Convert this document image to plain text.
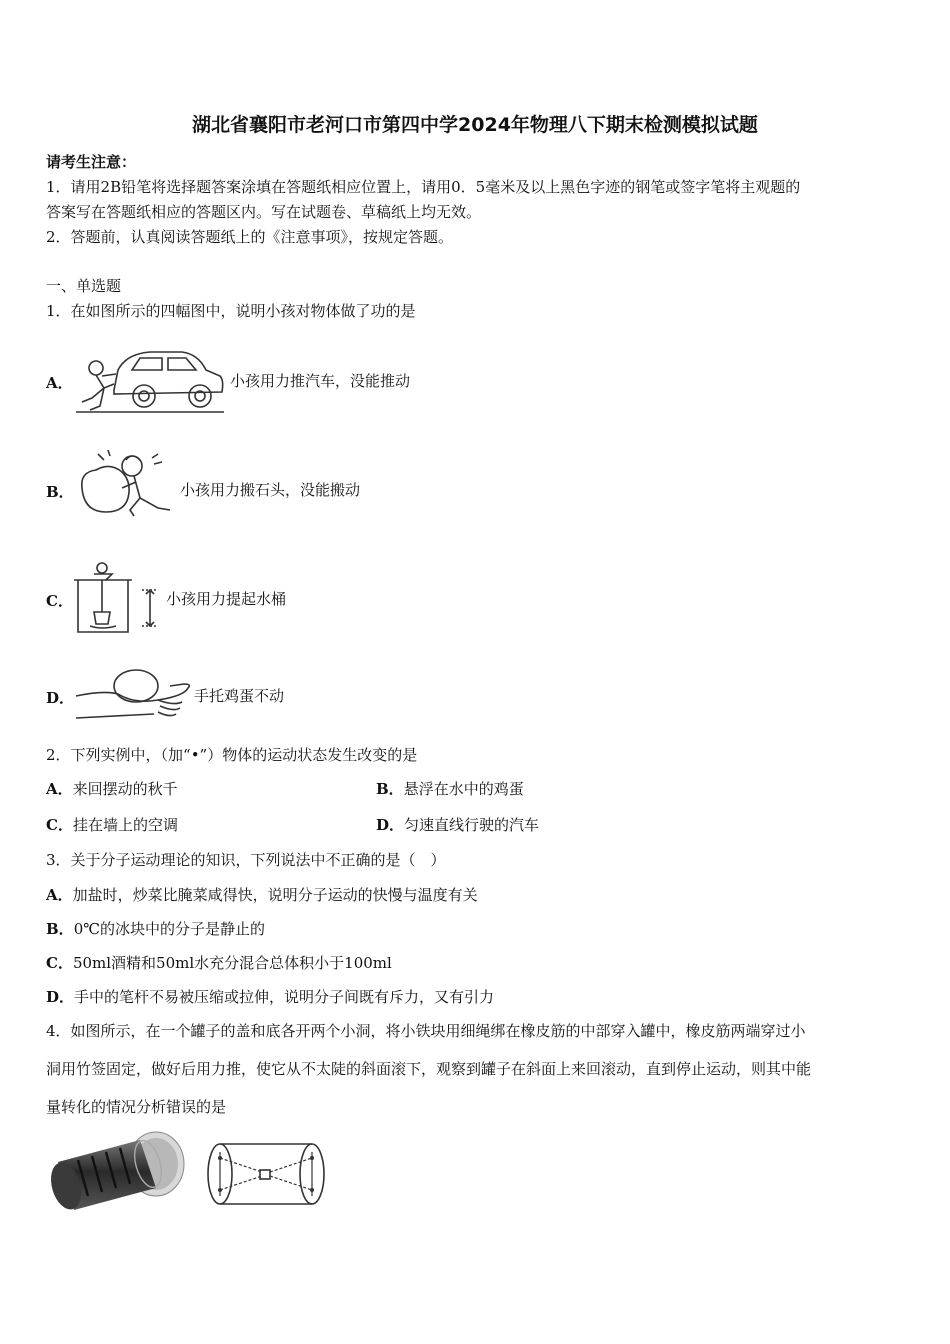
湖北省襄阳市老河口市第四中学2024年物理八下期末检测模拟试题
请考生注意：
1．请用2B铅笔将选择题答案涂填在答题纸相应位置上，请用0．5毫米及以上黑色字迹的钢笔或签字笔将主观题的
答案写在答题纸相应的答题区内。写在试题卷、草稿纸上均无效。
2．答题前，认真阅读答题纸上的《注意事项》，按规定答题。
一、单选题
1．在如图所示的四幅图中，说明小孩对物体做了功的是
A．	小孩用力推汽车，没能推动
B．	小孩用力搬石头，没能搬动
C．	小孩用力提起水桶
D．	手托鸡蛋不动
2．下列实例中，（加“•”）物体的运动状态发生改变的是
A．来回摆动的秋千	B．悬浮在水中的鸡蛋
C．挂在墙上的空调	D．匀速直线行驶的汽车
3．关于分子运动理论的知识，下列说法中不正确的是（　）
A．加盐时，炒菜比腌菜咸得快，说明分子运动的快慢与温度有关
B．0℃的冰块中的分子是静止的
C．50ml酒精和50ml水充分混合总体积小于100ml
D．手中的笔杆不易被压缩或拉伸，说明分子间既有斥力，又有引力
4．如图所示，在一个罐子的盖和底各开两个小洞，将小铁块用细绳绑在橡皮筋的中部穿入罐中，橡皮筋两端穿过小
洞用竹签固定，做好后用力推，使它从不太陡的斜面滚下，观察到罐子在斜面上来回滚动，直到停止运动，则其中能
量转化的情况分析错误的是
